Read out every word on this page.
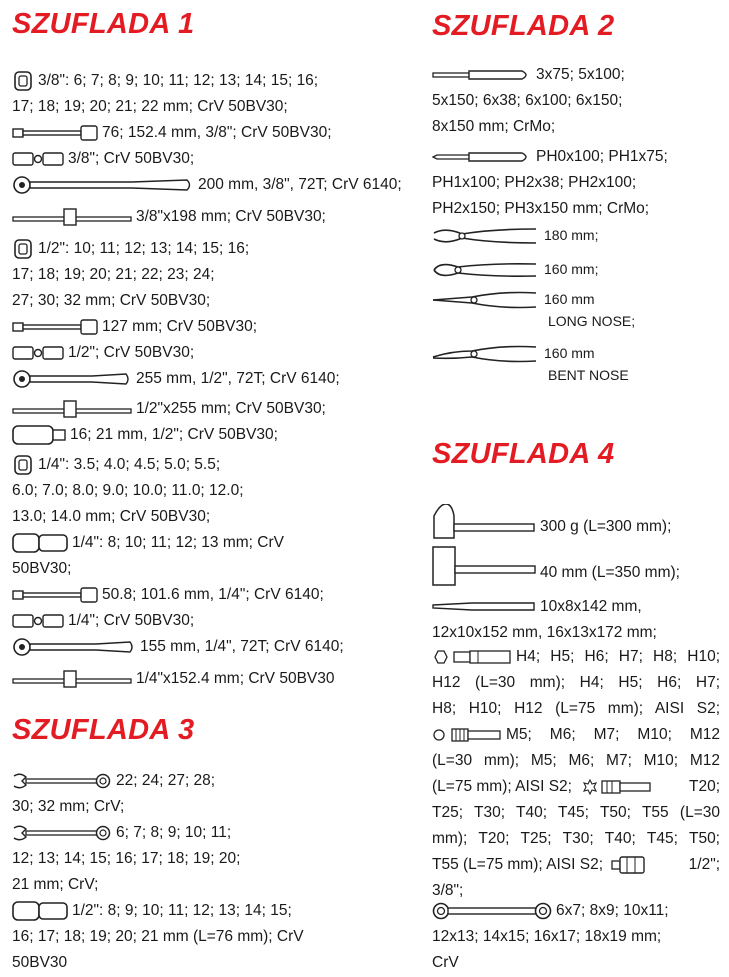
SZUFLADA 1
3/8": 6; 7; 8; 9; 10; 11; 12; 13; 14; 15; 16;
17; 18; 19; 20; 21; 22 mm; CrV 50BV30;
76; 152.4 mm, 3/8"; CrV 50BV30;
3/8"; CrV 50BV30;
200 mm, 3/8", 72T; CrV 6140;
3/8"x198 mm; CrV 50BV30;
1/2": 10; 11; 12; 13; 14; 15; 16;
17; 18; 19; 20; 21; 22; 23; 24;
27; 30; 32 mm; CrV 50BV30;
127 mm; CrV 50BV30;
1/2"; CrV 50BV30;
255 mm, 1/2", 72T; CrV 6140;
1/2"x255 mm; CrV 50BV30;
16; 21 mm, 1/2"; CrV 50BV30;
1/4": 3.5; 4.0; 4.5; 5.0; 5.5;
6.0; 7.0; 8.0; 9.0; 10.0; 11.0; 12.0;
13.0; 14.0 mm; CrV 50BV30;
1/4": 8; 10; 11; 12; 13 mm; CrV
50BV30;
50.8; 101.6 mm, 1/4"; CrV 6140;
1/4"; CrV 50BV30;
155 mm, 1/4", 72T; CrV 6140;
1/4"x152.4 mm; CrV 50BV30
SZUFLADA 3
22; 24; 27; 28;
30; 32 mm; CrV;
6; 7; 8; 9; 10; 11;
12; 13; 14; 15; 16; 17; 18; 19; 20;
21 mm; CrV;
1/2": 8; 9; 10; 11; 12; 13; 14; 15;
16; 17; 18; 19; 20; 21 mm (L=76 mm); CrV
50BV30
SZUFLADA 2
3x75; 5x100;
5x150; 6x38; 6x100; 6x150;
8x150 mm; CrMo;
PH0x100; PH1x75;
PH1x100; PH2x38; PH2x100;
PH2x150; PH3x150 mm; CrMo;
180 mm;
160 mm;
160 mm
LONG NOSE;
160 mm
BENT NOSE
SZUFLADA 4
300 g (L=300 mm);
40 mm (L=350 mm);
10x8x142 mm,
12x10x152 mm, 16x13x172 mm;
H4; H5; H6; H7; H8; H10;
H12 (L=30 mm); H4; H5; H6; H7;
H8; H10; H12 (L=75 mm); AISI S2;
M5; M6; M7; M10; M12
(L=30 mm); M5; M6; M7; M10; M12
(L=75 mm); AISI S2;	T20;
T25; T30; T40; T45; T50; T55 (L=30
mm); T20; T25; T30; T40; T45; T50;
T55 (L=75 mm); AISI S2;	1/2";
3/8";
6x7; 8x9; 10x11;
12x13; 14x15; 16x17; 18x19 mm;
CrV
